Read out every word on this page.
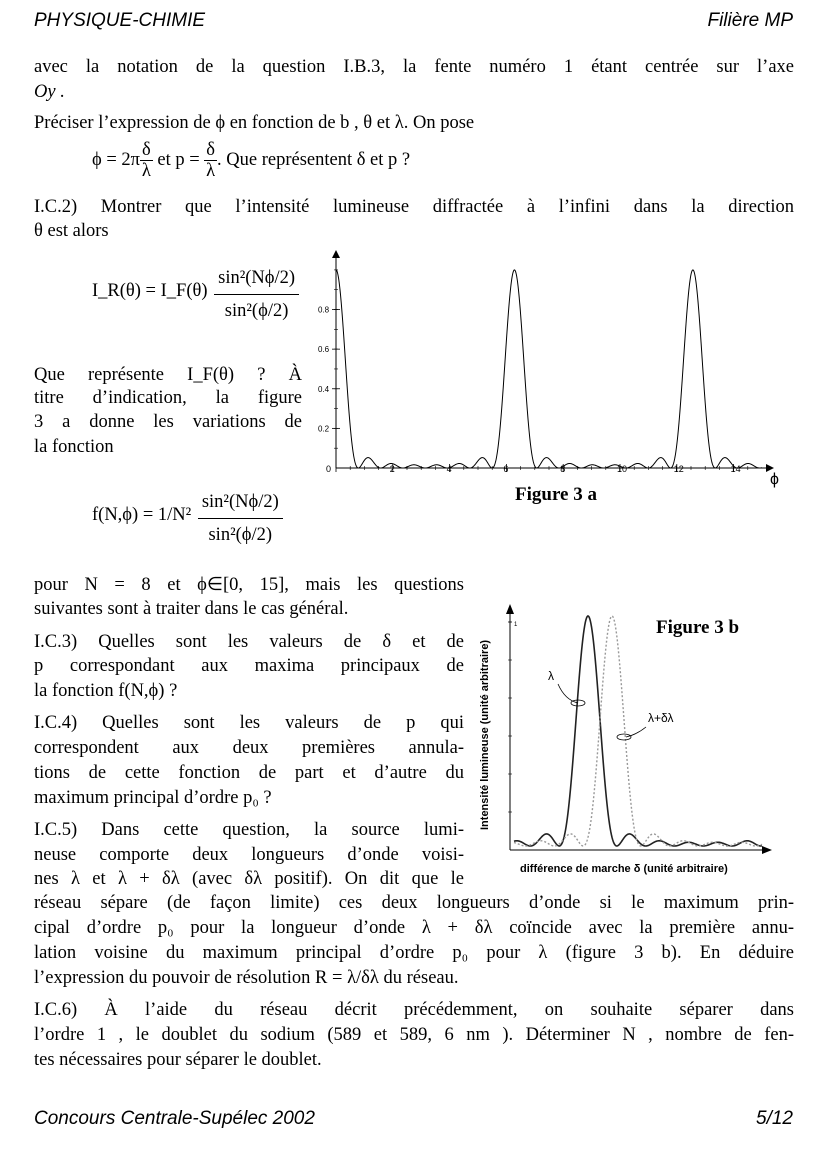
PHYSIQUE-CHIMIE	Filière MP
avec la notation de la question I.B.3, la fente numéro 1 étant centrée sur l’axe
Oy .
Préciser l’expression de ϕ en fonction de b , θ et λ. On pose
$\phi = 2\pi \frac{\delta}{\lambda}$ et $p = \frac{\delta}{\lambda}$ . Que représentent δ et p ?
I.C.2) Montrer que l’intensité lumineuse diffractée à l’infini dans la direction
θ est alors
I_R(θ) = I_F(θ) $\frac{\text{sin²(Nϕ/2)}}{\text{sin²(ϕ/2)}}$
Que représente I_F(θ) ? À
titre d’indication, la figure
3 a donne les variations de
la fonction
$f(N,\phi) = 1/N^2 \frac{\text{sin²(Nϕ/2)}}{\text{sin²(ϕ/2)}}$
pour N = 8 et ϕ∈[0, 15], mais les questions
suivantes sont à traiter dans le cas général.
I.C.3) Quelles sont les valeurs de δ et de
p correspondant aux maxima principaux de
la fonction f(N,ϕ) ?
I.C.4) Quelles sont les valeurs de p qui
correspondent aux deux premières annula-
tions de cette fonction de part et d’autre du
maximum principal d’ordre p₀ ?
I.C.5) Dans cette question, la source lumi-
neuse comporte deux longueurs d’onde voisi-
nes λ et λ + δλ (avec δλ positif). On dit que le
réseau sépare (de façon limite) ces deux longueurs d’onde si le maximum prin-
cipal d’ordre p₀ pour la longueur d’onde λ + δλ coïncide avec la première annu-
lation voisine du maximum principal d’ordre p₀ pour λ (figure 3 b). En déduire
l’expression du pouvoir de résolution R = λ/δλ du réseau.
I.C.6) À l’aide du réseau décrit précédemment, on souhaite séparer dans
l’ordre 1 , le doublet du sodium (589 et 589, 6 nm ). Déterminer N , nombre de fen-
tes nécessaires pour séparer le doublet.
0	2	4	6	8	10	12	14
0.2
0.4
0.6
0.8
ϕ
Figure 3 a
1
λ
λ+δλ
différence de marche δ (unité arbitraire)
Intensité lumineuse (unité arbitraire)
Figure 3 b
Concours Centrale-Supélec 2002	5/12
